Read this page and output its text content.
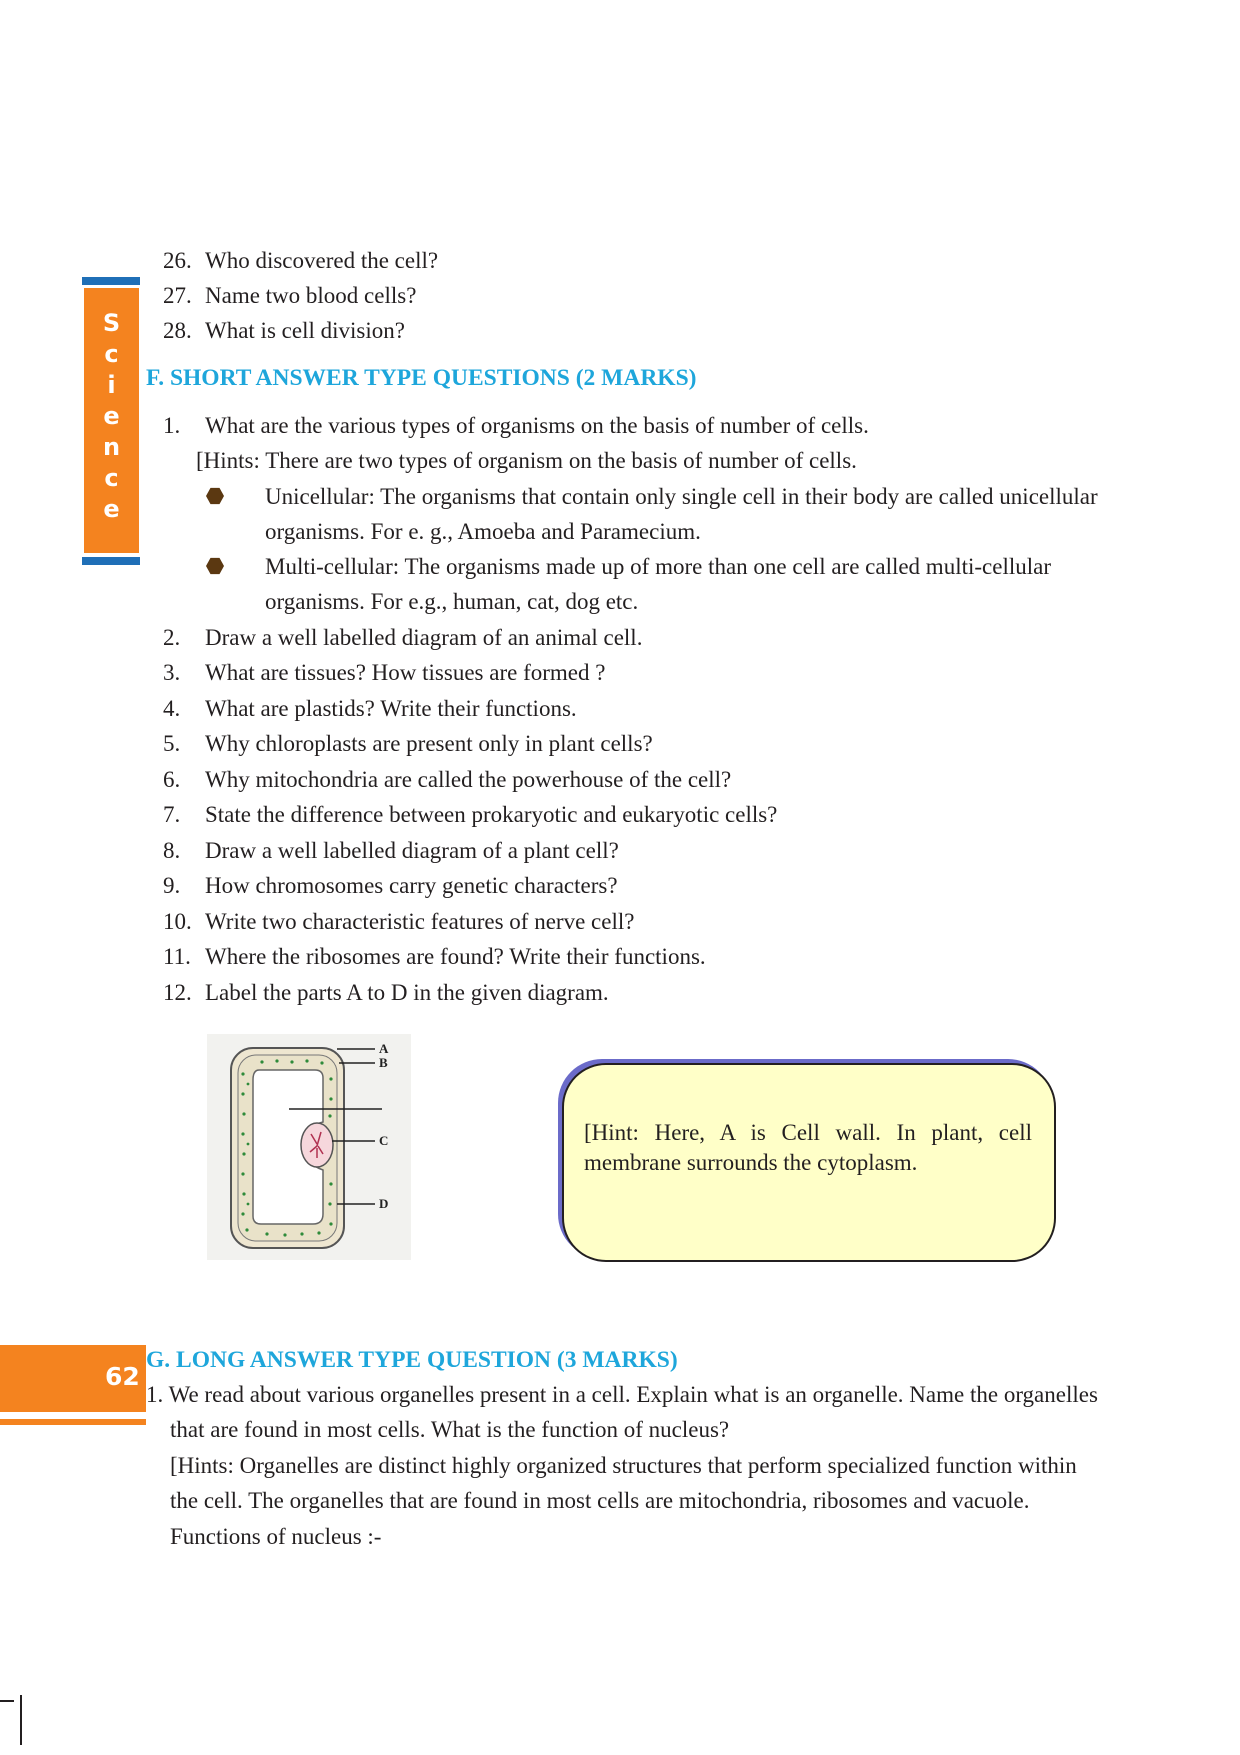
S
c
i
e
n
c
e
26. Who discovered the cell?
27. Name two blood cells?
28. What is cell division?
F. SHORT ANSWER TYPE QUESTIONS (2 MARKS)
1. What are the various types of organisms on the basis of number of cells.
[Hints: There are two types of organism on the basis of number of cells.
Unicellular: The organisms that contain only single cell in their body are called unicellular
organisms. For e. g., Amoeba and Paramecium.
Multi-cellular: The organisms made up of more than one cell are called multi-cellular
organisms. For e.g., human, cat, dog etc.
2. Draw a well labelled diagram of an animal cell.
3. What are tissues? How tissues are formed ?
4. What are plastids? Write their functions.
5. Why chloroplasts are present only in plant cells?
6. Why mitochondria are called the powerhouse of the cell?
7. State the difference between prokaryotic and eukaryotic cells?
8. Draw a well labelled diagram of a plant cell?
9. How chromosomes carry genetic characters?
10. Write two characteristic features of nerve cell?
11. Where the ribosomes are found? Write their functions.
12. Label the parts A to D in the given diagram.
A
B
C
D
[Hint: Here, A is Cell wall. In plant, cell membrane surrounds the cytoplasm.
G. LONG ANSWER TYPE QUESTION (3 MARKS)
62
1. We read about various organelles present in a cell. Explain what is an organelle. Name the organelles
that are found in most cells. What is the function of nucleus?
[Hints: Organelles are distinct highly organized structures that perform specialized function within
the cell. The organelles that are found in most cells are mitochondria, ribosomes and vacuole.
Functions of nucleus :-
